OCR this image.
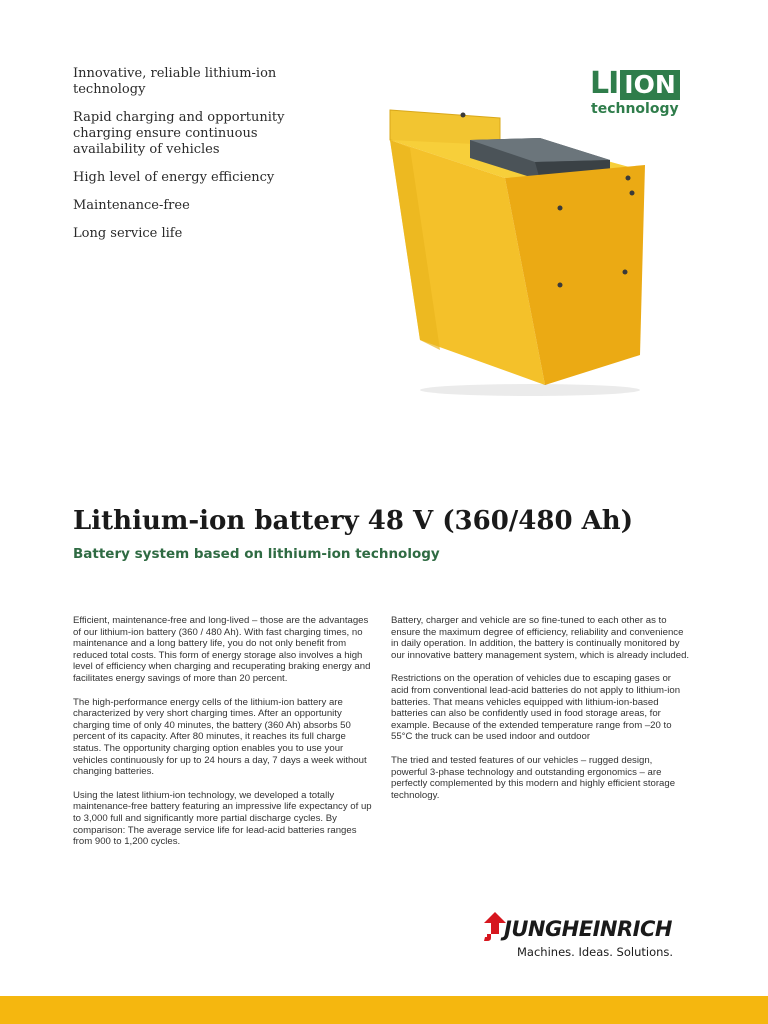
Innovative, reliable lithium-ion technology
Rapid charging and opportunity charging ensure continuous availability of vehicles
High level of energy efficiency
Maintenance-free
Long service life
LI ION
technology
Lithium-ion battery 48 V (360/480 Ah)
Battery system based on lithium-ion technology

Efficient, maintenance-free and long-lived – those are the advantages of our lithium-ion battery (360 / 480 Ah). With fast charging times, no maintenance and a long battery life, you do not only benefit from reduced total costs. This form of energy storage also involves a high level of efficiency when charging and recuperating braking energy and facilitates energy savings of more than 20 percent.

The high-performance energy cells of the lithium-ion battery are characterized by very short charging times. After an opportunity charging time of only 40 minutes, the battery (360 Ah) absorbs 50 percent of its capacity. After 80 minutes, it reaches its full charge status. The opportunity charging option enables you to use your vehicles continuously for up to 24 hours a day, 7 days a week without changing batteries.

Using the latest lithium-ion technology, we developed a totally maintenance-free battery featuring an impressive life expectancy of up to 3,000 full and significantly more partial discharge cycles. By comparison: The average service life for lead-acid batteries ranges from 900 to 1,200 cycles.

Battery, charger and vehicle are so fine-tuned to each other as to ensure the maximum degree of efficiency, reliability and convenience in daily operation. In addition, the battery is continually monitored by our innovative battery management system, which is already included.

Restrictions on the operation of vehicles due to escaping gases or acid from conventional lead-acid batteries do not apply to lithium-ion batteries. That means vehicles equipped with lithium-ion-based batteries can also be confidently used in food storage areas, for example. Because of the extended temperature range from –20 to 55°C the truck can be used indoor and outdoor

The tried and tested features of our vehicles – rugged design, powerful 3-phase technology and outstanding ergonomics – are perfectly complemented by this modern and highly efficient storage technology.

JUNGHEINRICH
Machines. Ideas. Solutions.
